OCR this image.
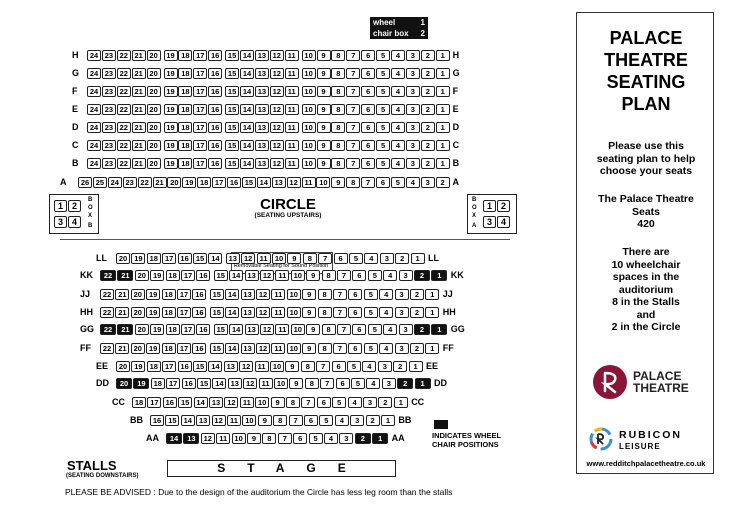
wheel	1
chair box	2
H	24 23 22 21 20	19 18 17 16	15 14 13 12 11	10	9	8	7	6	5	4	3	2	1 H
G	24 23 22 21 20	19 18 17 16	15 14 13 12 11	10	9	8	7	6	5	4	3	2	1 G
F	24 23 22 21 20	19 18 17 16	15 14 13 12 11	10	9	8	7	6	5	4	3	2	1 F
E	24 23 22 21 20	19 18 17 16	15 14 13 12 11	10	9	8	7	6	5	4	3	2	1 E
D	24 23 22 21 20	19 18 17 16	15 14 13 12 11	10	9	8	7	6	5	4	3	2	1 D
C	24 23 22 21 20	19 18 17 16	15 14 13 12 11	10	9	8	7	6	5	4	3	2	1 C
B	24 23 22 21 20	19 18 17 16	15 14 13 12 11	10	9	8	7	6	5	4	3	2	1 B
A	26 25 24 23 22 21 20 19 18 17 16 15 14 13 12 11 10	9	8	7	6	5	4	3	2 A
1 2
3 4
B
O
X
B
B
O
X
A
1 2
3 4
CIRCLE
(SEATING UPSTAIRS)
LL	20 19 18 17 16 15 14	13 12 11 10	9	8	7	6	5	4	3	2	1 LL
KK	22	21	20 19 18 17 16	15 14 13 12 11 10	9	8	7	6	5	4	3	2	1	KK
JJ	22 21 20 19 18 17 16	15 14 13 12 11 10	9	8	7	6	5	4	3	2	1 JJ
HH	22 21 20 19 18 17 16	15 14 13 12 11 10	9	8	7	6	5	4	3	2	1 HH
GG	22	21	20 19 18 17 16	15 14 13 12 11 10	9	8	7	6	5	4	3	2	1	GG
FF	22 21 20 19 18 17 16	15 14 13 12 11 10	9	8	7	6	5	4	3	2	1 FF
EE	20 19 18 17 16 15 14 13 12 11 10	9	8	7	6	5	4	3	2	1 EE
DD	20	19	18 17 16 15 14 13 12 11 10	9	8	7	6	5	4	3	2	1	DD
CC	18 17 16 15 14 13 12 11 10	9	8	7	6	5	4	3	2	1 CC
BB	16 15 14 13 12 11 10	9	8	7	6	5	4	3	2	1 BB
AA	14	13	12 11 10	9	8	7	6	5	4	3	2	1	AA
Removable Seating for Sound Position
INDICATES WHEEL CHAIR POSITIONS
STALLS
(SEATING DOWNSTAIRS)
STAGE
PLEASE BE ADVISED : Due to the design of the auditorium the Circle has less leg room than the stalls
PALACE
THEATRE
SEATING
PLAN
Please use this
seating plan to help
choose your seats
The Palace Theatre
Seats
420
There are
10 wheelchair
spaces in the
auditorium
8 in the Stalls
and
2 in the Circle
PALACE
THEATRE
RUBICON
LEISURE
www.redditchpalacetheatre.co.uk
